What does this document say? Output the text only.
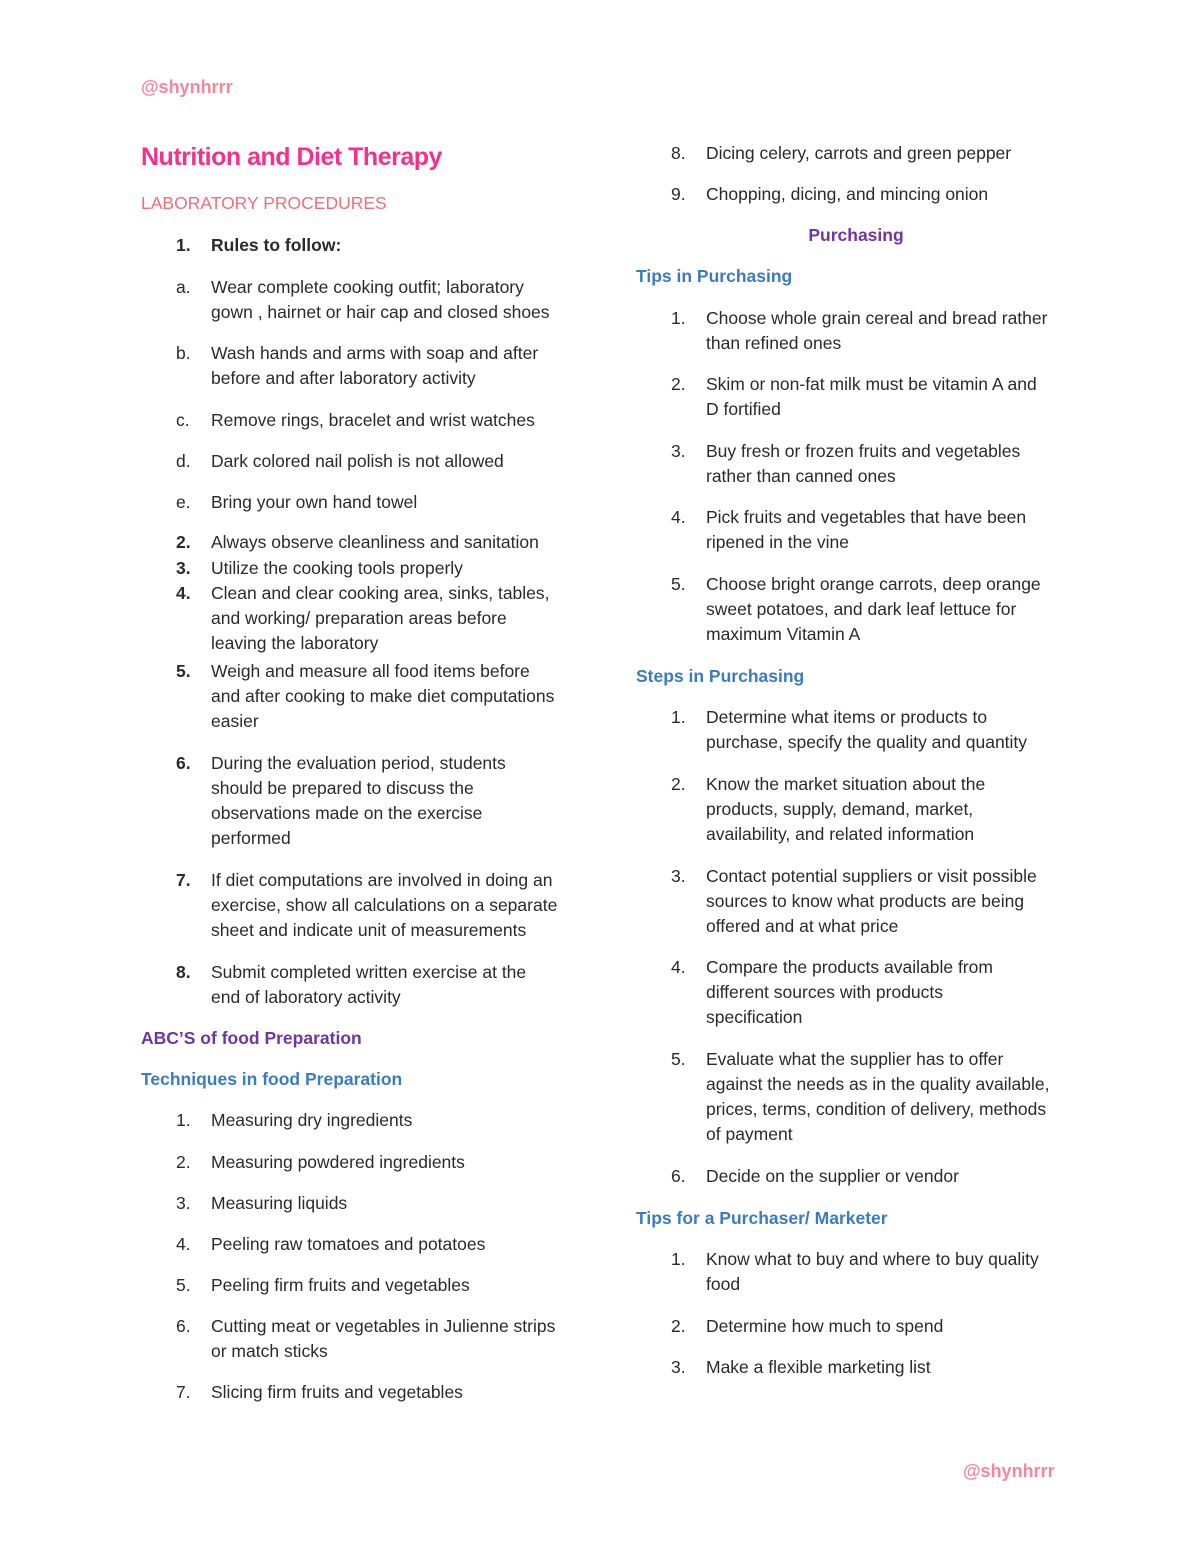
@shynhrrr
@shynhrrr
Nutrition and Diet Therapy
LABORATORY PROCEDURES
1. Rules to follow:
a. Wear complete cooking outfit; laboratory
gown , hairnet or hair cap and closed shoes
b. Wash hands and arms with soap and after
before and after laboratory activity
c. Remove rings, bracelet and wrist watches
d. Dark colored nail polish is not allowed
e. Bring your own hand towel
2. Always observe cleanliness and sanitation
3. Utilize the cooking tools properly
4. Clean and clear cooking area, sinks, tables,
and working/ preparation areas before
leaving the laboratory
5. Weigh and measure all food items before
and after cooking to make diet computations
easier
6. During the evaluation period, students
should be prepared to discuss the
observations made on the exercise
performed
7. If diet computations are involved in doing an
exercise, show all calculations on a separate
sheet and indicate unit of measurements
8. Submit completed written exercise at the
end of laboratory activity
ABC’S of food Preparation
Techniques in food Preparation
1. Measuring dry ingredients
2. Measuring powdered ingredients
3. Measuring liquids
4. Peeling raw tomatoes and potatoes
5. Peeling firm fruits and vegetables
6. Cutting meat or vegetables in Julienne strips
or match sticks
7. Slicing firm fruits and vegetables
8. Dicing celery, carrots and green pepper
9. Chopping, dicing, and mincing onion
Purchasing
Tips in Purchasing
1. Choose whole grain cereal and bread rather
than refined ones
2. Skim or non-fat milk must be vitamin A and
D fortified
3. Buy fresh or frozen fruits and vegetables
rather than canned ones
4. Pick fruits and vegetables that have been
ripened in the vine
5. Choose bright orange carrots, deep orange
sweet potatoes, and dark leaf lettuce for
maximum Vitamin A
Steps in Purchasing
1. Determine what items or products to
purchase, specify the quality and quantity
2. Know the market situation about the
products, supply, demand, market,
availability, and related information
3. Contact potential suppliers or visit possible
sources to know what products are being
offered and at what price
4. Compare the products available from
different sources with products
specification
5. Evaluate what the supplier has to offer
against the needs as in the quality available,
prices, terms, condition of delivery, methods
of payment
6. Decide on the supplier or vendor
Tips for a Purchaser/ Marketer
1. Know what to buy and where to buy quality
food
2. Determine how much to spend
3. Make a flexible marketing list
